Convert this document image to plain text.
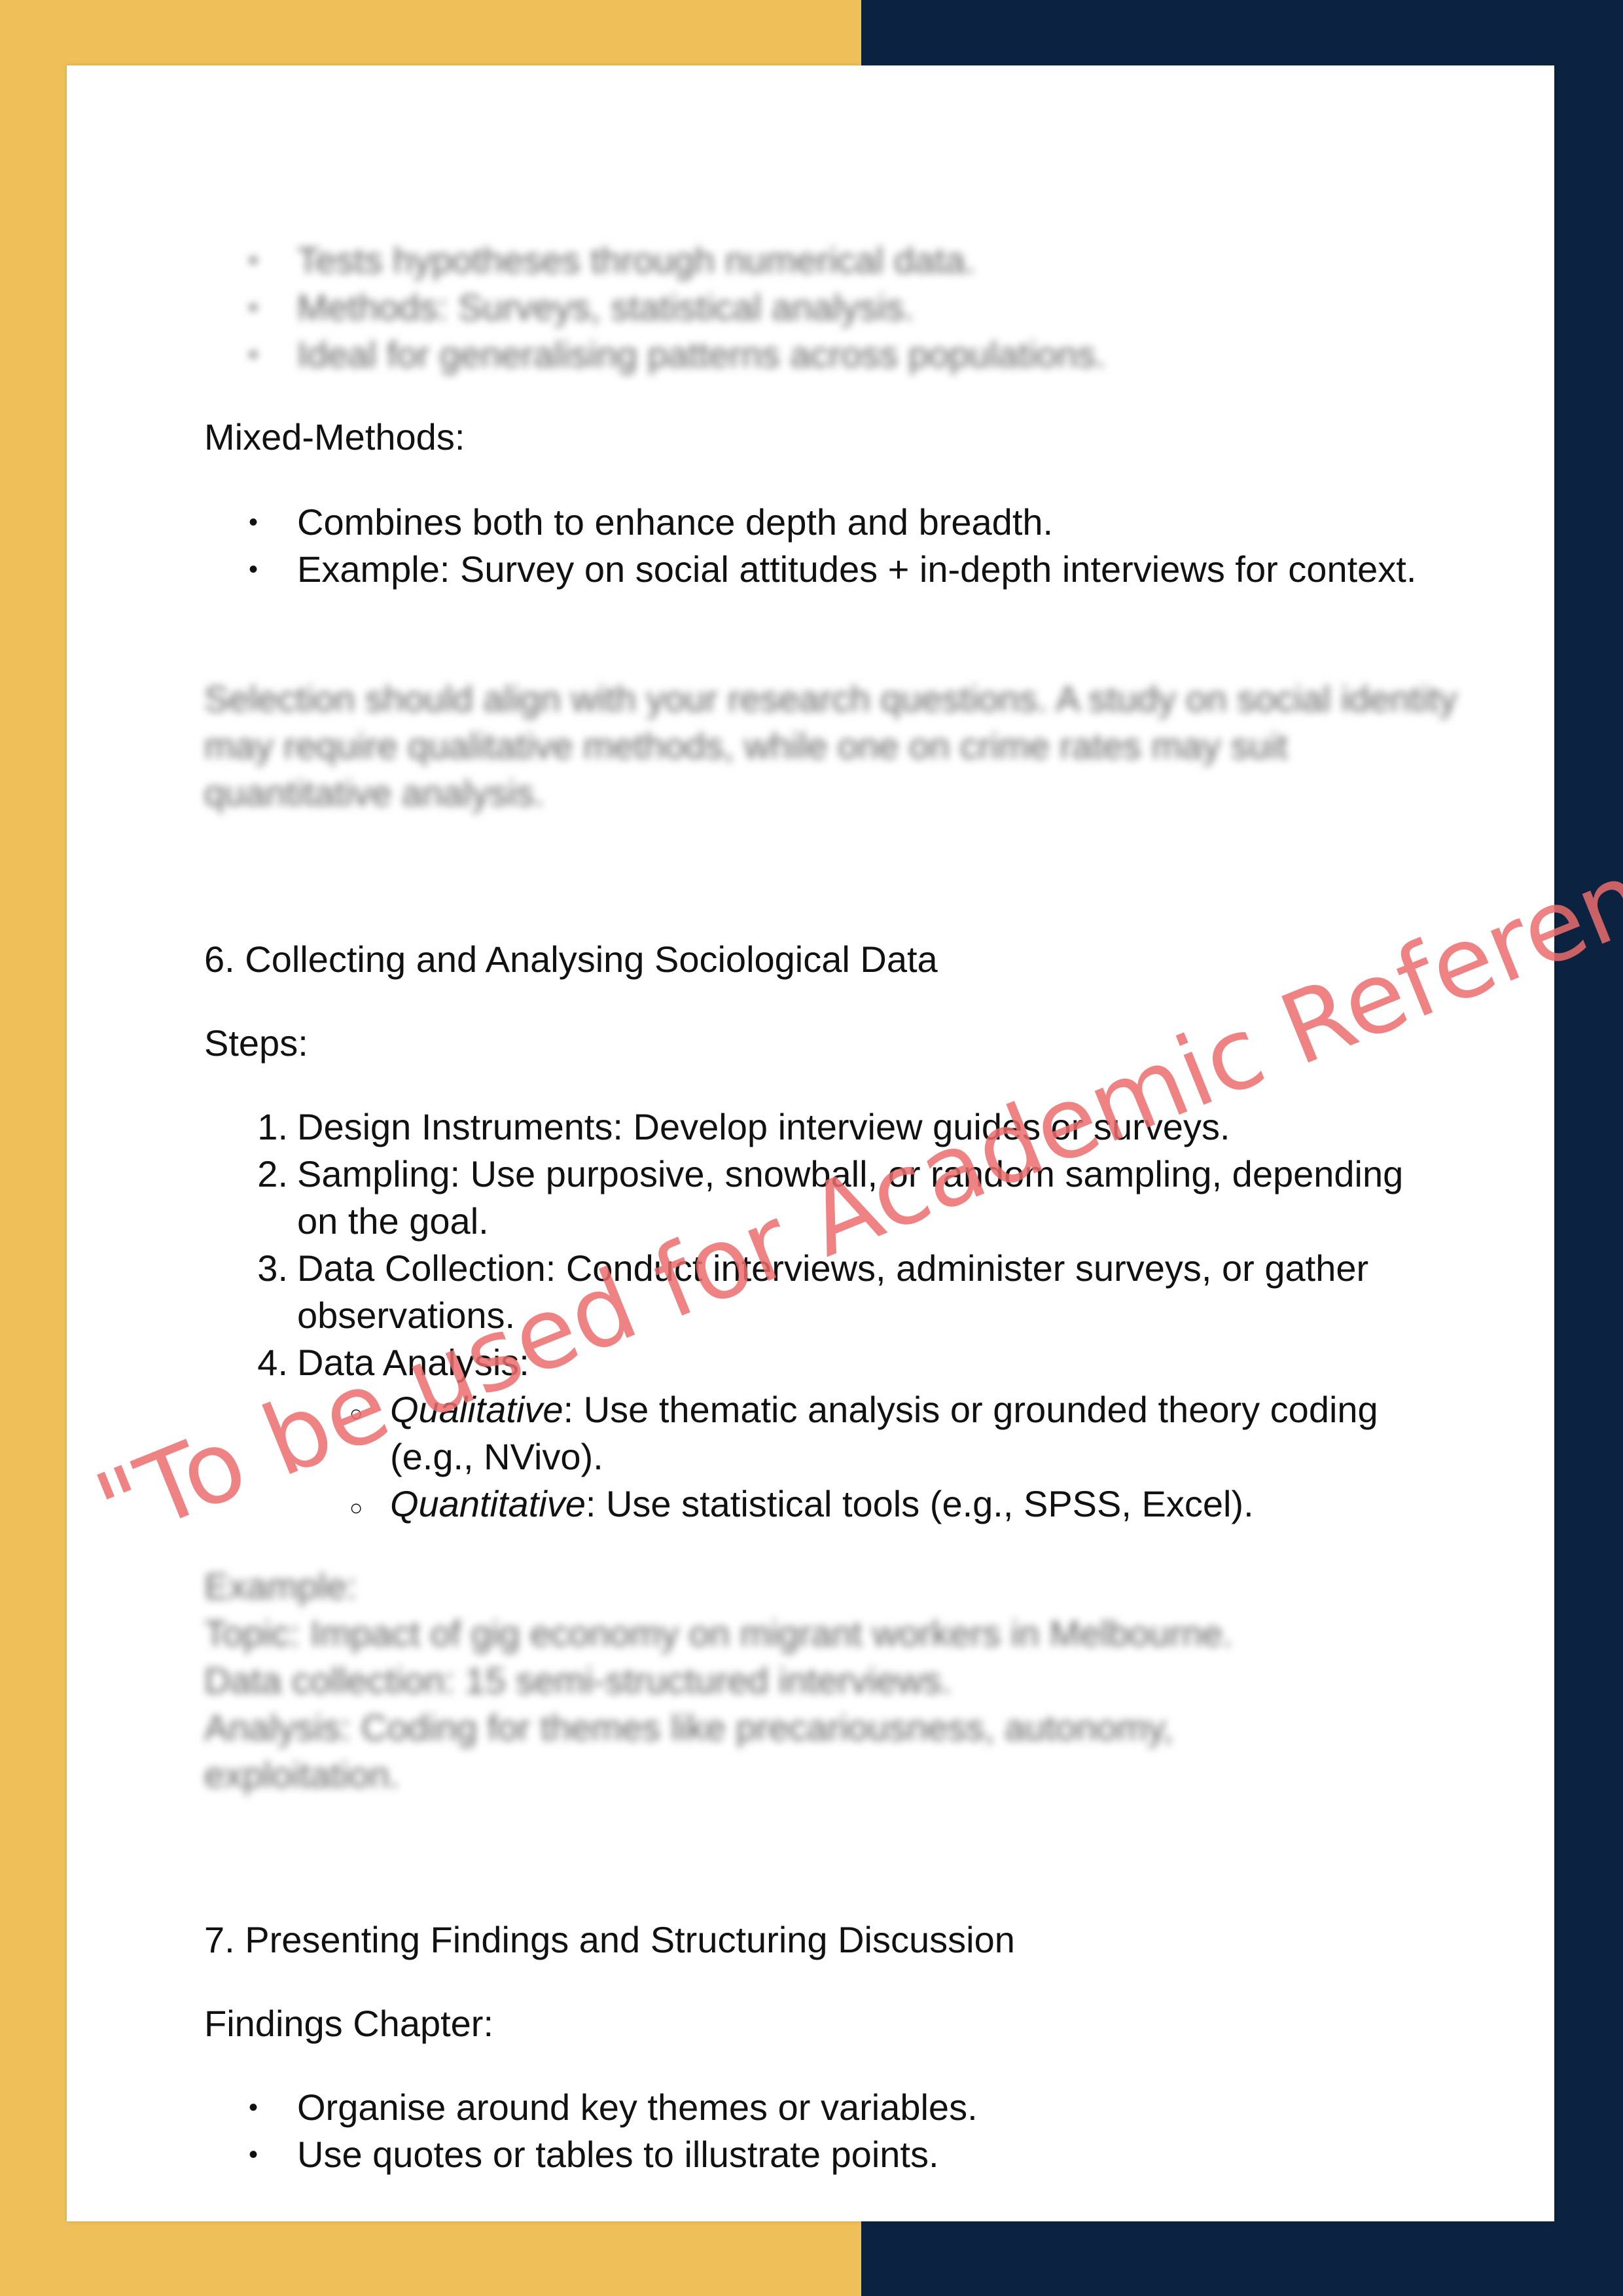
• Tests hypotheses through numerical data.
• Methods: Surveys, statistical analysis.
• Ideal for generalising patterns across populations.

Mixed-Methods:

• Combines both to enhance depth and breadth.
• Example: Survey on social attitudes + in-depth interviews for context.

Selection should align with your research questions. A study on social identity may require qualitative methods, while one on crime rates may suit quantitative analysis.

6. Collecting and Analysing Sociological Data

Steps:

1. Design Instruments: Develop interview guides or surveys.
2. Sampling: Use purposive, snowball, or random sampling, depending on the goal.
3. Data Collection: Conduct interviews, administer surveys, or gather observations.
4. Data Analysis:
○ Qualitative: Use thematic analysis or grounded theory coding (e.g., NVivo).
○ Quantitative: Use statistical tools (e.g., SPSS, Excel).
Example:
Topic: Impact of gig economy on migrant workers in Melbourne.
Data collection: 15 semi-structured interviews.
Analysis: Coding for themes like precariousness, autonomy, exploitation.

7. Presenting Findings and Structuring Discussion

Findings Chapter:

• Organise around key themes or variables.
• Use quotes or tables to illustrate points.
"To be used for Academic Reference
